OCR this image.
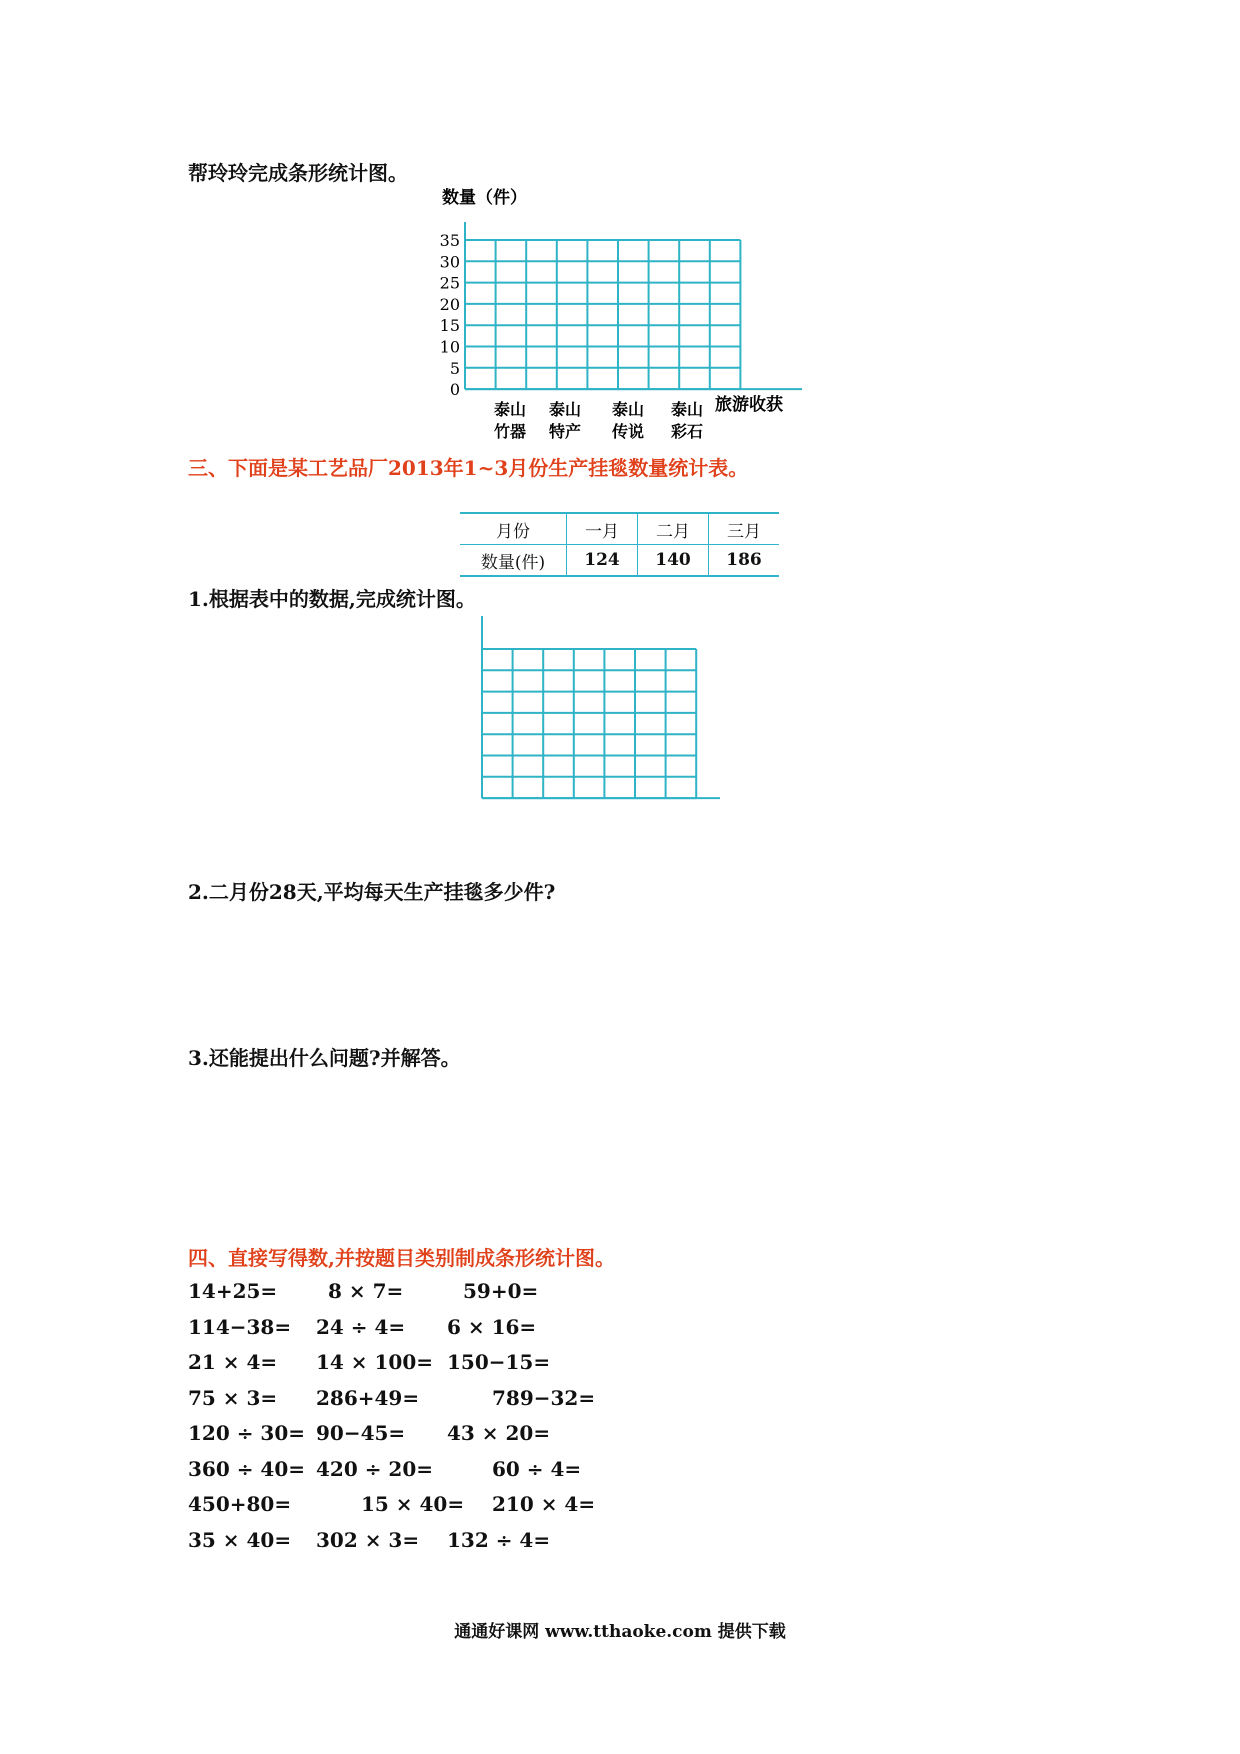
帮玲玲完成条形统计图。
数量（件）
35
30
25
20
15
10
5
0
泰山
竹器
泰山
特产
泰山
传说
泰山
彩石
旅游收获
三、下面是某工艺品厂2013年1~3月份生产挂毯数量统计表。
月份	一月	二月	三月
数量(件)	124	140	186
1.根据表中的数据,完成统计图。
2.二月份28天,平均每天生产挂毯多少件?
3.还能提出什么问题?并解答。
四、直接写得数,并按题目类别制成条形统计图。
14+25=	8 × 7=	59+0=
114−38= 24 ÷ 4= 6 × 16=
21 × 4= 14 × 100= 150−15=
75 × 3= 286+49=	789−32=
120 ÷ 30= 90−45= 43 × 20=
360 ÷ 40= 420 ÷ 20=	60 ÷ 4=
450+80=	15 × 40= 210 × 4=
35 × 40= 302 × 3= 132 ÷ 4=
通通好课网 www.tthaoke.com 提供下载
